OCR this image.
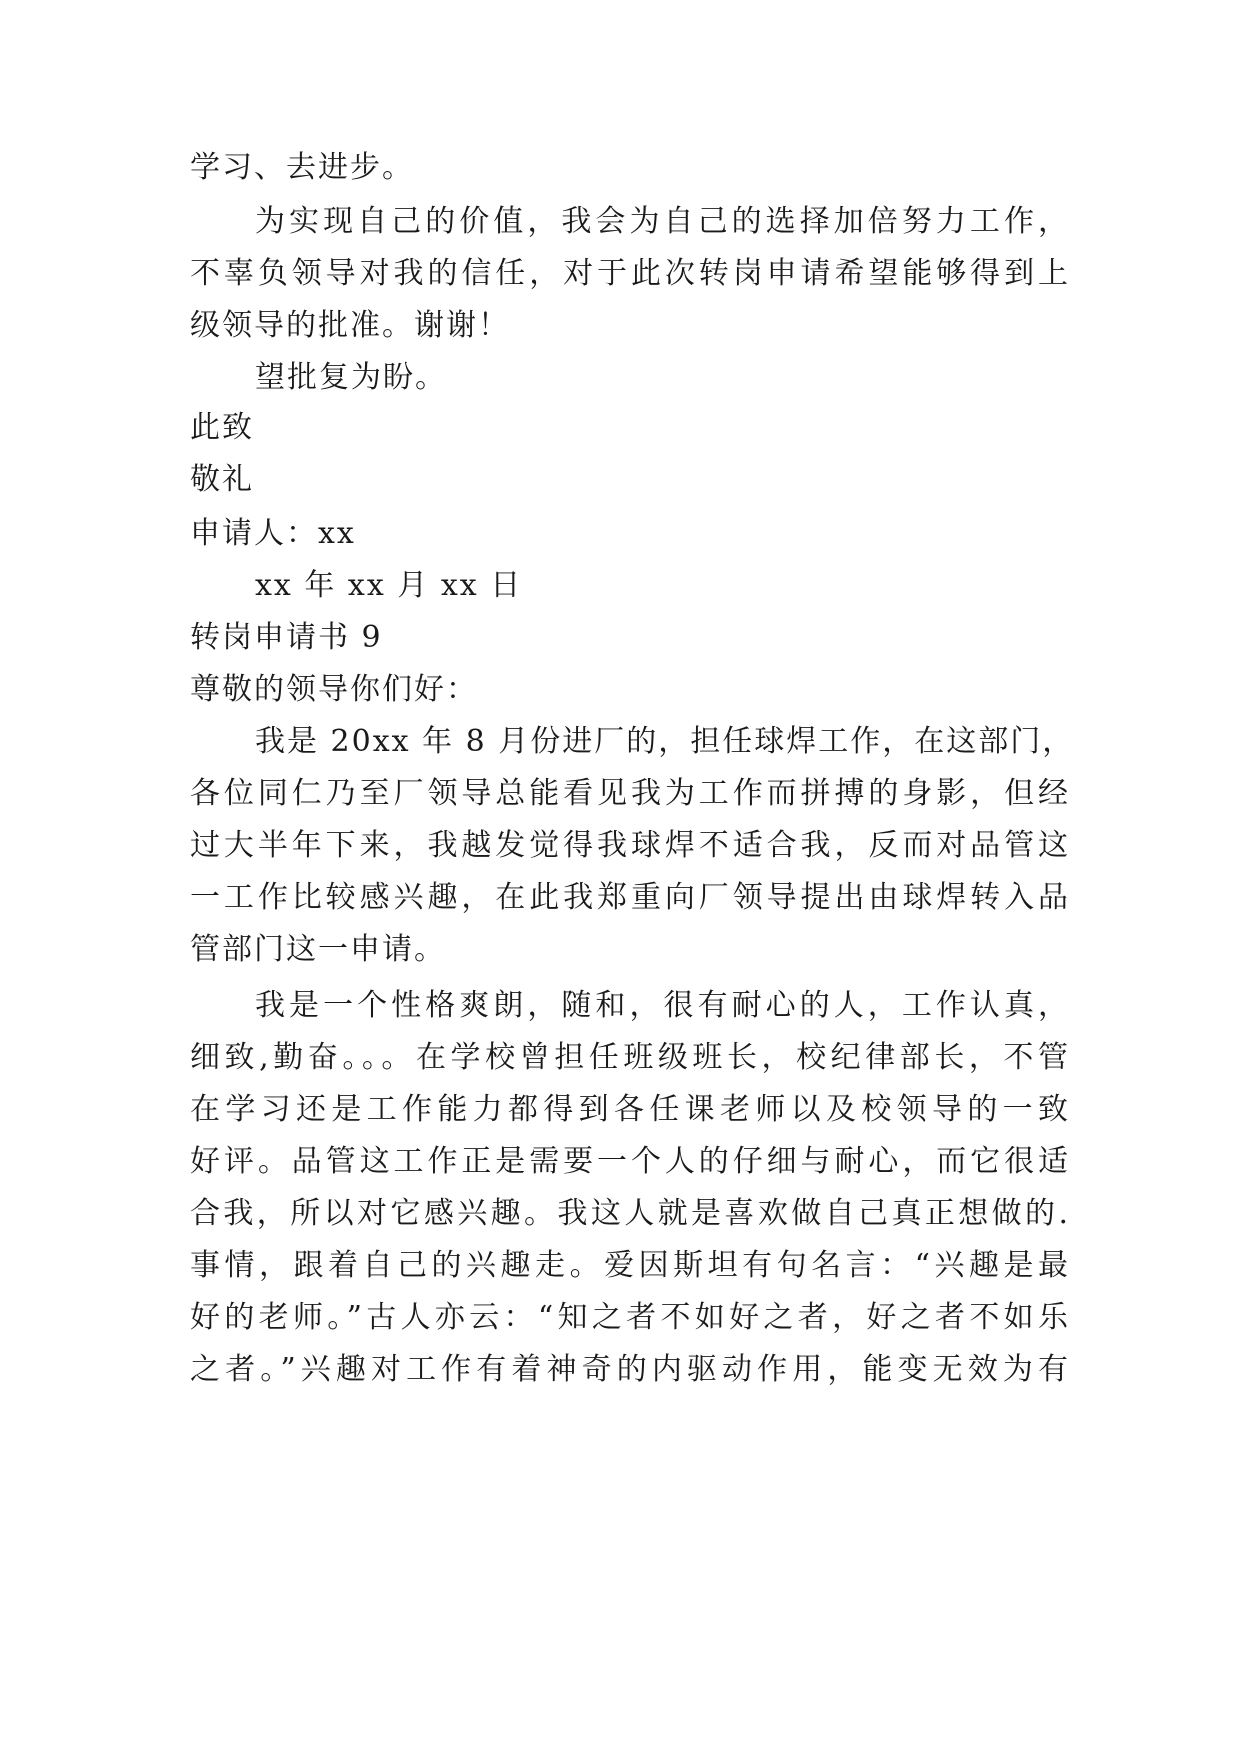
学习、去进步。
为实现自己的价值，我会为自己的选择加倍努力工作，
不辜负领导对我的信任，对于此次转岗申请希望能够得到上
级领导的批准。谢谢！
望批复为盼。
此致
敬礼
申请人：xx
xx 年 xx 月 xx 日
转岗申请书 9
尊敬的领导你们好：
我是 20xx 年 8 月份进厂的，担任球焊工作，在这部门，
各位同仁乃至厂领导总能看见我为工作而拼搏的身影，但经
过大半年下来，我越发觉得我球焊不适合我，反而对品管这
一工作比较感兴趣，在此我郑重向厂领导提出由球焊转入品
管部门这一申请。
我是一个性格爽朗，随和，很有耐心的人，工作认真，
细致,勤奋。。。在学校曾担任班级班长，校纪律部长，不管
在学习还是工作能力都得到各任课老师以及校领导的一致
好评。品管这工作正是需要一个人的仔细与耐心，而它很适
合我，所以对它感兴趣。我这人就是喜欢做自己真正想做的.
事情，跟着自己的兴趣走。爱因斯坦有句名言：“兴趣是最
好的老师。”古人亦云：“知之者不如好之者，好之者不如乐
之者。”兴趣对工作有着神奇的内驱动作用，能变无效为有
